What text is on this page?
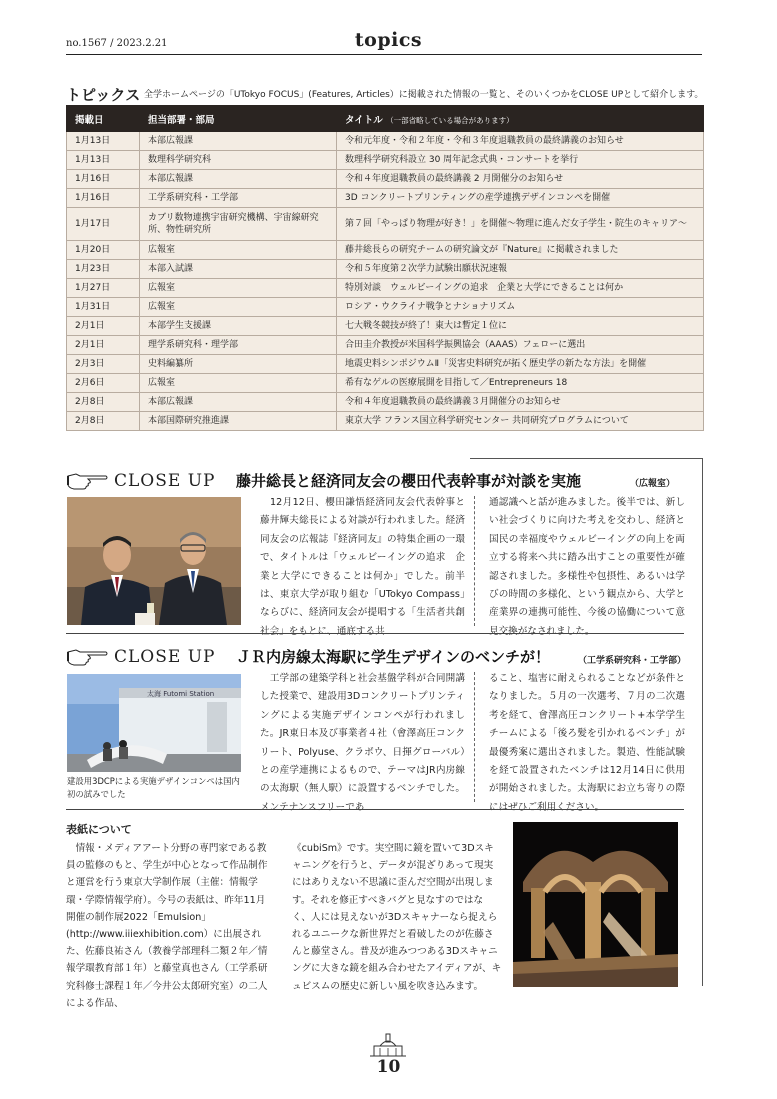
no.1567 / 2023.2.21	topics
トピックス 全学ホームページの「UTokyo FOCUS」(Features, Articles）に掲載された情報の一覧と、そのいくつかをCLOSE UPとして紹介します。
掲載日	担当部署・部局	タイトル （一部省略している場合があります）
1月13日	本部広報課	令和元年度・令和２年度・令和３年度退職教員の最終講義のお知らせ
1月13日	数理科学研究科	数理科学研究科設立 30 周年記念式典・コンサートを挙行
1月16日	本部広報課	令和４年度退職教員の最終講義 2 月開催分のお知らせ
1月16日	工学系研究科・工学部	3D コンクリートプリンティングの産学連携デザインコンペを開催
1月17日	カブリ数物連携宇宙研究機構、宇宙線研究所、物性研究所	第７回「やっぱり物理が好き！」を開催～物理に進んだ女子学生・院生のキャリア～
1月20日	広報室	藤井総長らの研究チームの研究論文が『Nature』に掲載されました
1月23日	本部入試課	令和５年度第２次学力試験出願状況速報
1月27日	広報室	特別対談　ウェルビーイングの追求　企業と大学にできることは何か
1月31日	広報室	ロシア・ウクライナ戦争とナショナリズム
2月1日	本部学生支援課	七大戦冬競技が終了！東大は暫定１位に
2月1日	理学系研究科・理学部	合田圭介教授が米国科学振興協会（AAAS）フェローに選出
2月3日	史料編纂所	地震史料シンポジウムⅡ「災害史料研究が拓く歴史学の新たな方法」を開催
2月6日	広報室	希有なゲルの医療展開を目指して／Entrepreneurs 18
2月8日	本部広報課	令和４年度退職教員の最終講義３月開催分のお知らせ
2月8日	本部国際研究推進課	東京大学 フランス国立科学研究センター 共同研究プログラムについて
CLOSE UP 藤井総長と経済同友会の櫻田代表幹事が対談を実施	（広報室）
　12月12日、櫻田謙悟経済同友会代表幹事と藤井輝夫総長による対談が行われました。経済同友会の広報誌『経済同友』の特集企画の一環で、タイトルは「ウェルビーイングの追求　企業と大学にできることは何か」でした。前半は、東京大学が取り組む「UTokyo Compass」ならびに、経済同友会が提唱する「生活者共創社会」をもとに、通底する共
通認識へと話が進みました。後半では、新しい社会づくりに向けた考えを交わし、経済と国民の幸福度やウェルビーイングの向上を両立する将来へ共に踏み出すことの重要性が確認されました。多様性や包摂性、あるいは学びの時間の多様化、という観点から、大学と産業界の連携可能性、今後の協働について意見交換がなされました。
CLOSE UP ＪＲ内房線太海駅に学生デザインのベンチが！	（工学系研究科・工学部）
太海 Futomi Station
建設用3DCPによる実施デザインコンペは国内初の試みでした
　工学部の建築学科と社会基盤学科が合同開講した授業で、建設用3Dコンクリートプリンティングによる実施デザインコンペが行われました。JR東日本及び事業者４社（會澤高圧コンクリート、Polyuse、クラボウ、日揮グローバル）との産学連携によるもので、テーマはJR内房線の太海駅（無人駅）に設置するベンチでした。メンテナンスフリーであ
ること、塩害に耐えられることなどが条件となりました。５月の一次選考、７月の二次選考を経て、會澤高圧コンクリート+本学学生チームによる「後ろ髪を引かれるベンチ」が最優秀案に選出されました。製造、性能試験を経て設置されたベンチは12月14日に供用が開始されました。太海駅にお立ち寄りの際にはぜひご利用ください。
表紙について
　情報・メディアアート分野の専門家である教員の監修のもと、学生が中心となって作品制作と運営を行う東京大学制作展（主催：情報学環・学際情報学府）。今号の表紙は、昨年11月開催の制作展2022「Emulsion」(http://www.iiiexhibition.com）に出展された、佐藤良祐さん（教養学部理科二類２年／情報学環教育部１年）と藤堂真也さん（工学系研究科修士課程１年／今井公太郎研究室）の二人による作品、
《cubiSm》です。実空間に鏡を置いて3Dスキャニングを行うと、データが混ざりあって現実にはありえない不思議に歪んだ空間が出現します。それを修正すべきバグと見なすのではなく、人には見えないが3Dスキャナーなら捉えられるユニークな新世界だと看破したのが佐藤さんと藤堂さん。普及が進みつつある3Dスキャニングに大きな鏡を組み合わせたアイディアが、キュビスムの歴史に新しい風を吹き込みます。
10
